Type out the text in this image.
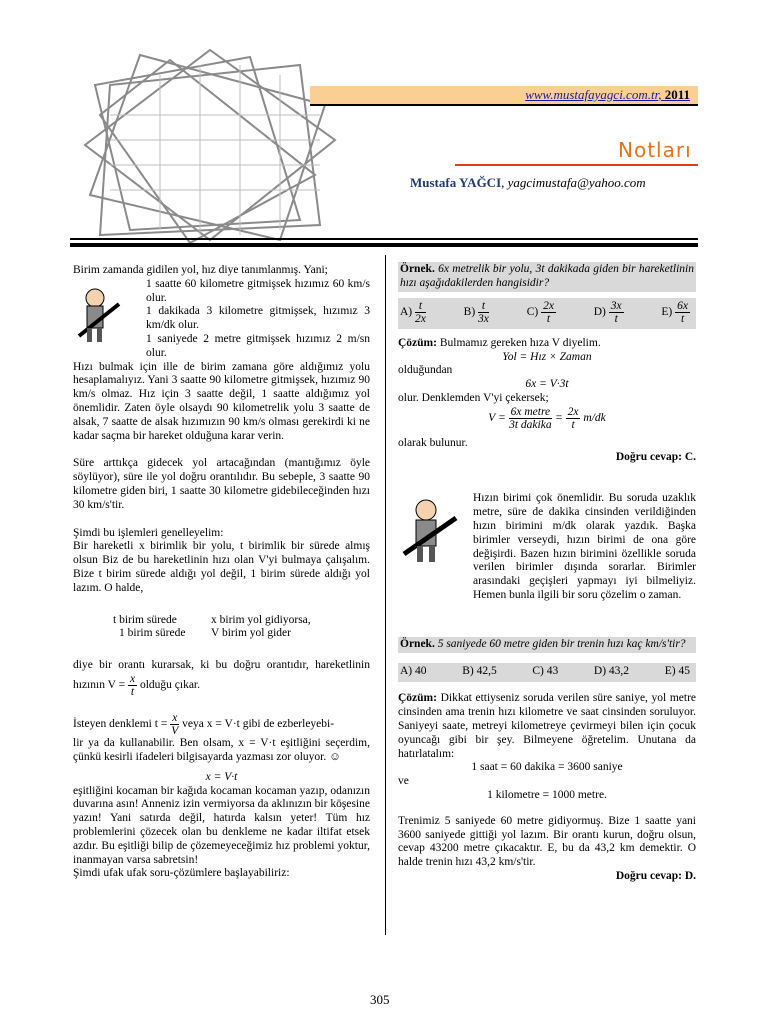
www.mustafayagci.com.tr, 2011
Notları
Mustafa YAĞCI, yagcimustafa@yahoo.com

Birim zamanda gidilen yol, hız diye tanımlanmış. Yani;

1 saatte 60 kilometre gitmişsek hızımız 60 km/s olur.

1 dakikada 3 kilometre gitmişsek, hızımız 3 km/dk olur.

1 saniyede 2 metre gitmişsek hızımız 2 m/sn olur.

Hızı bulmak için ille de birim zamana göre aldığımız yolu hesaplamalıyız. Yani 3 saatte 90 kilometre gitmişsek, hızımız 90 km/s olmaz. Hız için 3 saatte değil, 1 saatte aldığımız yol önemlidir. Zaten öyle olsaydı 90 kilometrelik yolu 3 saatte de alsak, 7 saatte de alsak hızımızın 90 km/s olması gerekirdi ki ne kadar saçma bir hareket olduğuna karar verin.

Süre arttıkça gidecek yol artacağından (mantığımız öyle söylüyor), süre ile yol doğru orantılıdır. Bu sebeple, 3 saatte 90 kilometre giden biri, 1 saatte 30 kilometre gidebileceğinden hızı 30 km/s'tir.

Şimdi bu işlemleri genelleyelim:

Bir hareketli x birimlik bir yolu, t birimlik bir sürede almış olsun Biz de bu hareketlinin hızı olan V'yi bulmaya çalışalım. Bize t birim sürede aldığı yol değil, 1 birim sürede aldığı yol lazım. O halde,

t birim sürede	x birim yol gidiyorsa,
1 birim sürede V birim yol gider

diye bir orantı kurarsak, ki bu doğru orantıdır, hareketlinin hızının $V = \frac{x}{t}$ olduğu çıkar.

İsteyen denklemi $t = \frac{x}{V}$ veya x = V·t gibi de ezberleyebi-

lir ya da kullanabilir. Ben olsam, x = V·t eşitliğini seçerdim, çünkü kesirli ifadeleri bilgisayarda yazması zor oluyor. ☺

x = V·t

eşitliğini kocaman bir kağıda kocaman kocaman yazıp, odanızın duvarına asın! Anneniz izin vermiyorsa da aklınızın bir köşesine yazın! Yani satırda değil, hatırda kalsın yeter! Tüm hız problemlerini çözecek olan bu denkleme ne kadar iltifat etsek azdır. Bu eşitliği bilip de çözemeyeceğimiz hız problemi yoktur, inanmayan varsa sabretsin!

Şimdi ufak ufak soru-çözümlere başlayabiliriz:

Örnek. 6x metrelik bir yolu, 3t dakikada giden bir hareketlinin hızı aşağıdakilerden hangisidir?

$A) \frac{t}{2x}$	$B) \frac{t}{3x}$	$C) \frac{2x}{t}$	$D) \frac{3x}{t}$	$E) \frac{6x}{t}$

Çözüm: Bulmamız gereken hıza V diyelim.

Yol = Hız × Zaman

olduğundan

6x = V·3t

olur. Denklemden V'yi çekersek;

$V = \frac{\text{6x metre}}{\text{3t dakika}} = \frac{2x}{t} m/dk$

olarak bulunur.

Doğru cevap: C.

Hızın birimi çok önemlidir. Bu soruda uzaklık metre, süre de dakika cinsinden verildiğinden hızın birimini m/dk olarak yazdık. Başka birimler verseydi, hızın birimi de ona göre değişirdi. Bazen hızın birimini özellikle soruda verilen birimler dışında sorarlar. Birimler arasındaki geçişleri yapmayı iyi bilmeliyiz. Hemen bunla ilgili bir soru çözelim o zaman.

Örnek. 5 saniyede 60 metre giden bir trenin hızı kaç km/s'tir?

A) 40	B) 42,5	C) 43	D) 43,2	E) 45

Çözüm: Dikkat ettiyseniz soruda verilen süre saniye, yol metre cinsinden ama trenin hızı kilometre ve saat cinsinden soruluyor. Saniyeyi saate, metreyi kilometreye çevirmeyi bilen için çocuk oyuncağı gibi bir şey. Bilmeyene öğretelim. Unutana da hatırlatalım:

1 saat = 60 dakika = 3600 saniye

ve

1 kilometre = 1000 metre.

Trenimiz 5 saniyede 60 metre gidiyormuş. Bize 1 saatte yani 3600 saniyede gittiği yol lazım. Bir orantı kurun, doğru olsun, cevap 43200 metre çıkacaktır. E, bu da 43,2 km demektir. O halde trenin hızı 43,2 km/s'tir.

Doğru cevap: D.

305
